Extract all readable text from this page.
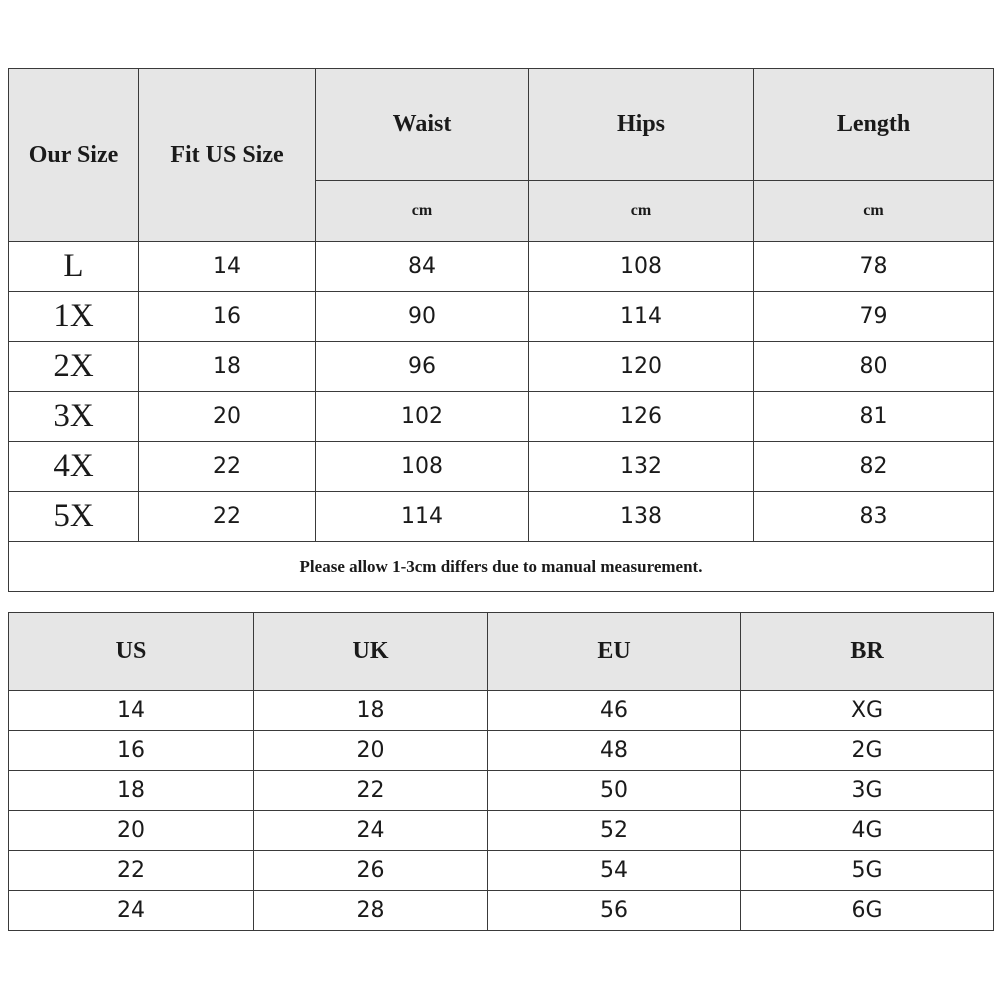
Our Size	Fit US Size	Waist	Hips	Length
		cm	cm	cm
L	14	84	108	78
1X	16	90	114	79
2X	18	96	120	80
3X	20	102	126	81
4X	22	108	132	82
5X	22	114	138	83
Please allow 1-3cm differs due to manual measurement.				
US	UK	EU	BR
14	18	46	XG
16	20	48	2G
18	22	50	3G
20	24	52	4G
22	26	54	5G
24	28	56	6G
